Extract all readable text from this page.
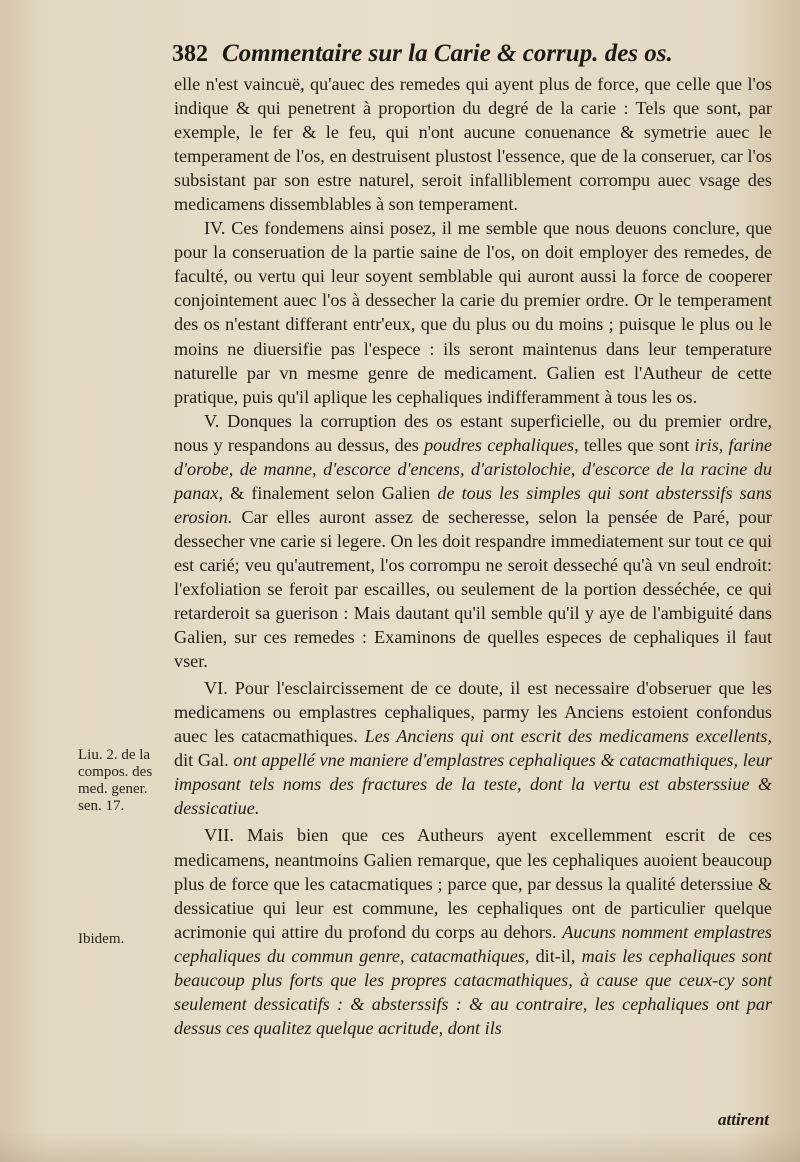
382 Commentaire sur la Carie & corrup. des os.

elle n'est vaincuë, qu'auec des remedes qui ayent plus de force, que celle que l'os indique & qui penetrent à proportion du degré de la carie : Tels que sont, par exemple, le fer & le feu, qui n'ont aucune conuenance & symetrie auec le temperament de l'os, en destruisent plustost l'essence, que de la conseruer, car l'os subsistant par son estre naturel, seroit infalliblement corrompu auec vsage des medicamens dissemblables à son temperament.

IV. Ces fondemens ainsi posez, il me semble que nous deuons conclure, que pour la conseruation de la partie saine de l'os, on doit employer des remedes, de faculté, ou vertu qui leur soyent semblable qui auront aussi la force de cooperer conjointement auec l'os à dessecher la carie du premier ordre. Or le temperament des os n'estant differant entr'eux, que du plus ou du moins ; puisque le plus ou le moins ne diuersifie pas l'espece : ils seront maintenus dans leur temperature naturelle par vn mesme genre de medicament. Galien est l'Autheur de cette pratique, puis qu'il aplique les cephaliques indifferamment à tous les os.

V. Donques la corruption des os estant superficielle, ou du premier ordre, nous y respandons au dessus, des poudres cephaliques, telles que sont iris, farine d'orobe, de manne, d'escorce d'encens, d'aristolochie, d'escorce de la racine du panax, & finalement selon Galien de tous les simples qui sont absterssifs sans erosion. Car elles auront assez de secheresse, selon la pensée de Paré, pour dessecher vne carie si legere. On les doit respandre immediatement sur tout ce qui est carié; veu qu'autrement, l'os corrompu ne seroit desseché qu'à vn seul endroit: l'exfoliation se feroit par escailles, ou seulement de la portion desséchée, ce qui retarderoit sa guerison : Mais dautant qu'il semble qu'il y aye de l'ambiguité dans Galien, sur ces remedes : Examinons de quelles especes de cephaliques il faut vser.

VI. Pour l'esclaircissement de ce doute, il est necessaire d'obseruer que les medicamens ou emplastres cephaliques, parmy les Anciens estoient confondus auec les catacmathiques. Les Anciens qui ont escrit des medicamens excellents, dit Gal. ont appellé vne maniere d'emplastres cephaliques & catacmathiques, leur imposant tels noms des fractures de la teste, dont la vertu est absterssiue & dessicatiue.

VII. Mais bien que ces Autheurs ayent excellemment escrit de ces medicamens, neantmoins Galien remarque, que les cephaliques auoient beaucoup plus de force que les catacmatiques ; parce que, par dessus la qualité deterssiue & dessicatiue qui leur est commune, les cephaliques ont de particulier quelque acrimonie qui attire du profond du corps au dehors. Aucuns nomment emplastres cephaliques du commun genre, catacmathiques, dit-il, mais les cephaliques sont beaucoup plus forts que les propres catacmathiques, à cause que ceux-cy sont seulement dessicatifs : & absterssifs : & au contraire, les cephaliques ont par dessus ces qualitez quelque acritude, dont ils

Liu. 2. de la compos. des med. gener. sen. 17.
Ibidem.
attirent
